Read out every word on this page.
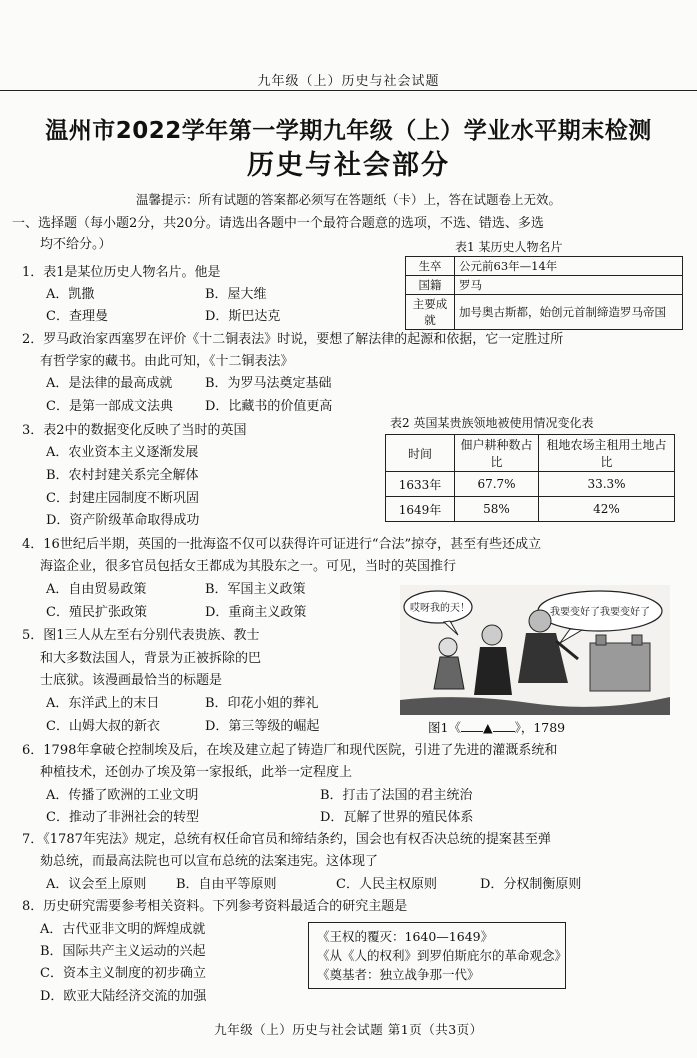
九年级（上）历史与社会试题
温州市2022学年第一学期九年级（上）学业水平期末检测
历史与社会部分
温馨提示：所有试题的答案都必须写在答题纸（卡）上，答在试题卷上无效。
一、选择题（每小题2分，共20分。请选出各题中一个最符合题意的选项，不选、错选、多选
均不给分。）	表1 某历史人物名片
生卒	公元前63年—14年
国籍	罗马
主要成就	加号奥古斯都，始创元首制缔造罗马帝国
1．表1是某位历史人物名片。他是
A．凯撒	B．屋大维
C．查理曼	D．斯巴达克
2．罗马政治家西塞罗在评价《十二铜表法》时说，要想了解法律的起源和依据，它一定胜过所
有哲学家的藏书。由此可知，《十二铜表法》
A．是法律的最高成就	B．为罗马法奠定基础
C．是第一部成文法典 D．比藏书的价值更高
表2 英国某贵族领地被使用情况变化表
时间	佃户耕种数占比	租地农场主租用土地占比
1633年	67.7%	33.3%
1649年	58%	42%
3．表2中的数据变化反映了当时的英国
A．农业资本主义逐渐发展
B．农村封建关系完全解体
C．封建庄园制度不断巩固
D．资产阶级革命取得成功
4．16世纪后半期，英国的一批海盗不仅可以获得许可证进行“合法”掠夺，甚至有些还成立
海盗企业，很多官员包括女王都成为其股东之一。可见，当时的英国推行
A．自由贸易政策	B．军国主义政策
C．殖民扩张政策	D．重商主义政策
5．图1三人从左至右分别代表贵族、教士
和大多数法国人，背景为正被拆除的巴
士底狱。该漫画最恰当的标题是
A．东洋武上的末日	B．印花小姐的葬礼
C．山姆大叔的新衣	D．第三等级的崛起
哎呀我的天！	我要变好了我要变好了
图1《 ▲ 》，1789
6．1798年拿破仑控制埃及后，在埃及建立起了铸造厂和现代医院，引进了先进的灌溉系统和
种植技术，还创办了埃及第一家报纸，此举一定程度上
A．传播了欧洲的工业文明	B．打击了法国的君主统治
C．推动了非洲社会的转型	D．瓦解了世界的殖民体系
7．《1787年宪法》规定，总统有权任命官员和缔结条约，国会也有权否决总统的提案甚至弹
劾总统，而最高法院也可以宣布总统的法案违宪。这体现了
A．议会至上原则 B．自由平等原则	C．人民主权原则	D．分权制衡原则
8．历史研究需要参考相关资料。下列参考资料最适合的研究主题是
A．古代亚非文明的辉煌成就
B．国际共产主义运动的兴起
C．资本主义制度的初步确立
D．欧亚大陆经济交流的加强
《王权的覆灭：1640—1649》
《从《人的权利》到罗伯斯庇尔的革命观念》
《奠基者：独立战争那一代》
九年级（上）历史与社会试题 第1页（共3页）
